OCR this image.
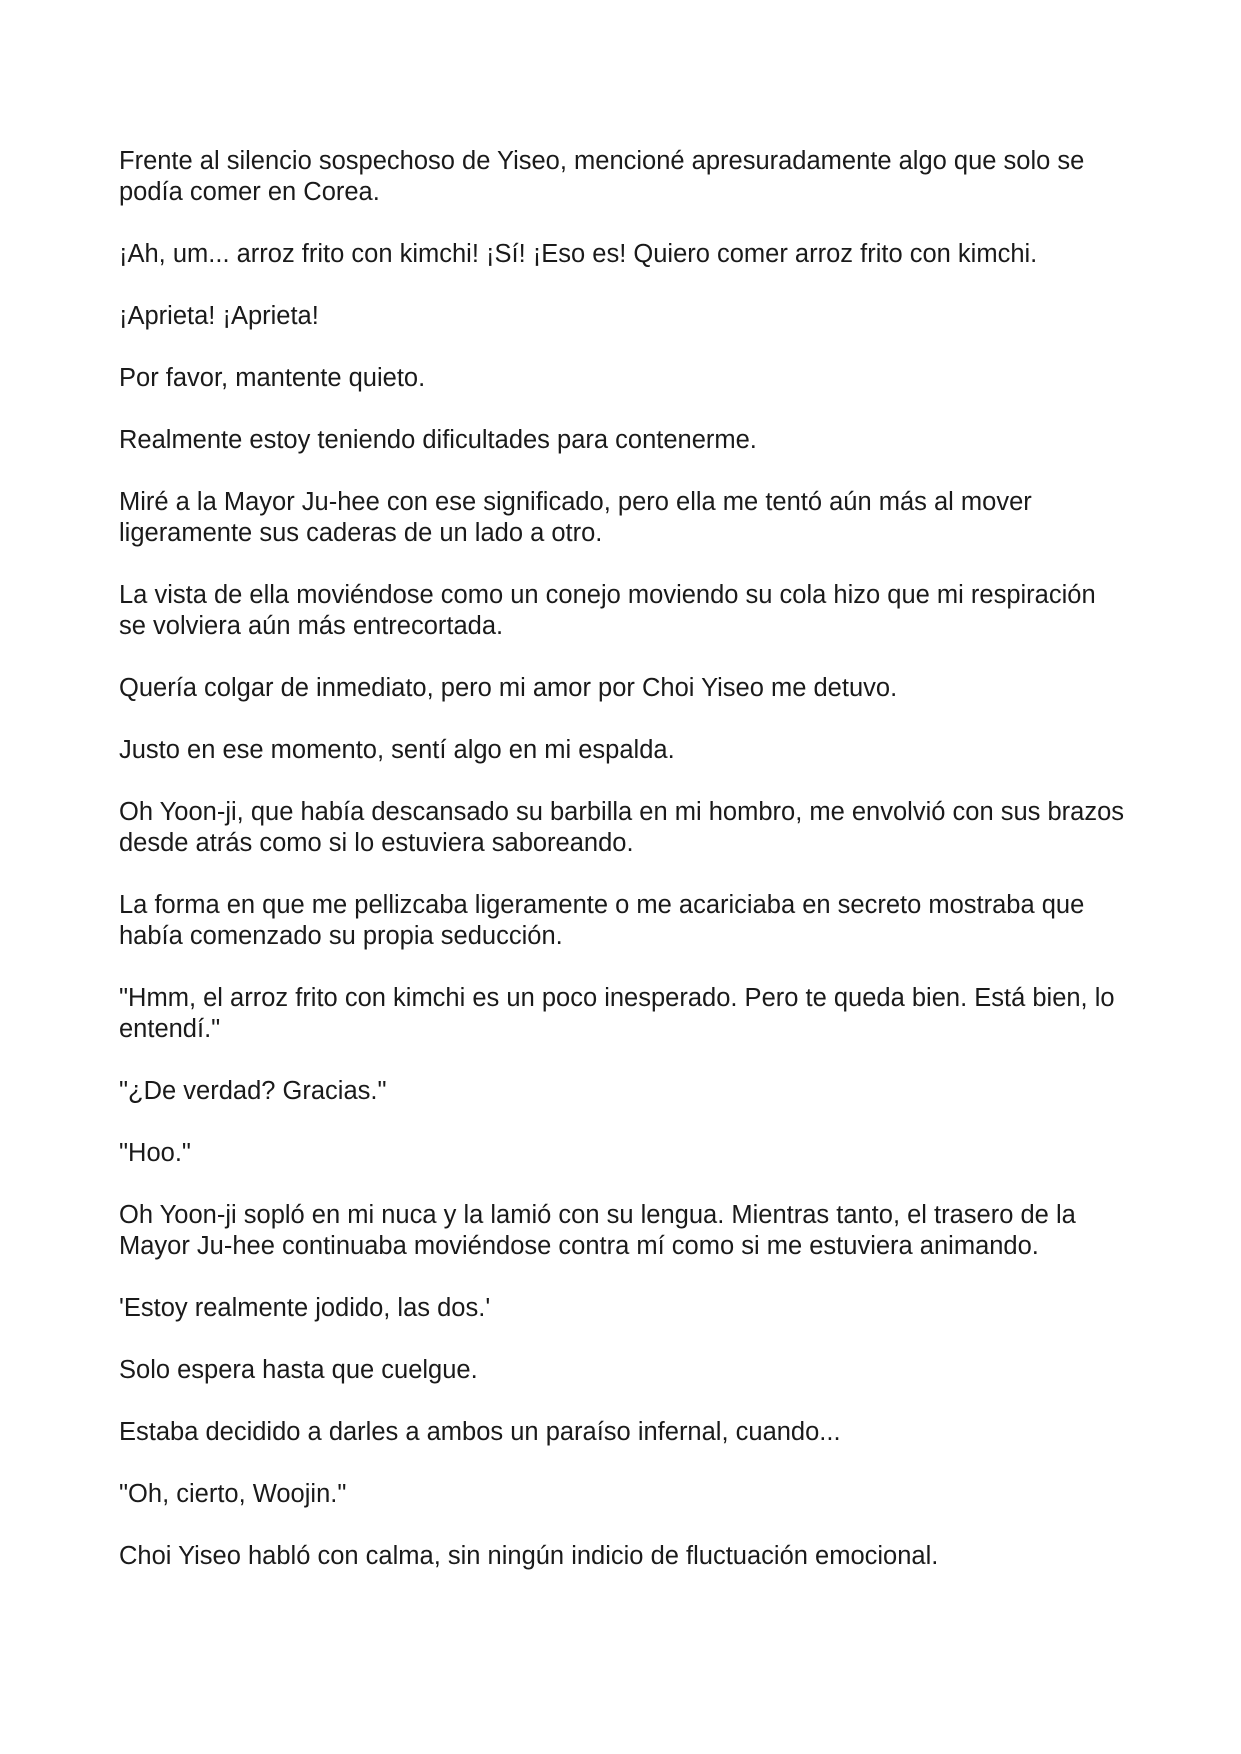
Frente al silencio sospechoso de Yiseo, mencioné apresuradamente algo que solo se podía comer en Corea.

¡Ah, um... arroz frito con kimchi! ¡Sí! ¡Eso es! Quiero comer arroz frito con kimchi.

¡Aprieta! ¡Aprieta!

Por favor, mantente quieto.

Realmente estoy teniendo dificultades para contenerme.

Miré a la Mayor Ju-hee con ese significado, pero ella me tentó aún más al mover ligeramente sus caderas de un lado a otro.

La vista de ella moviéndose como un conejo moviendo su cola hizo que mi respiración se volviera aún más entrecortada.

Quería colgar de inmediato, pero mi amor por Choi Yiseo me detuvo.

Justo en ese momento, sentí algo en mi espalda.

Oh Yoon-ji, que había descansado su barbilla en mi hombro, me envolvió con sus brazos desde atrás como si lo estuviera saboreando.

La forma en que me pellizcaba ligeramente o me acariciaba en secreto mostraba que había comenzado su propia seducción.

"Hmm, el arroz frito con kimchi es un poco inesperado. Pero te queda bien. Está bien, lo entendí."

"¿De verdad? Gracias."

"Hoo."

Oh Yoon-ji sopló en mi nuca y la lamió con su lengua. Mientras tanto, el trasero de la Mayor Ju-hee continuaba moviéndose contra mí como si me estuviera animando.

'Estoy realmente jodido, las dos.'

Solo espera hasta que cuelgue.

Estaba decidido a darles a ambos un paraíso infernal, cuando...

"Oh, cierto, Woojin."

Choi Yiseo habló con calma, sin ningún indicio de fluctuación emocional.
